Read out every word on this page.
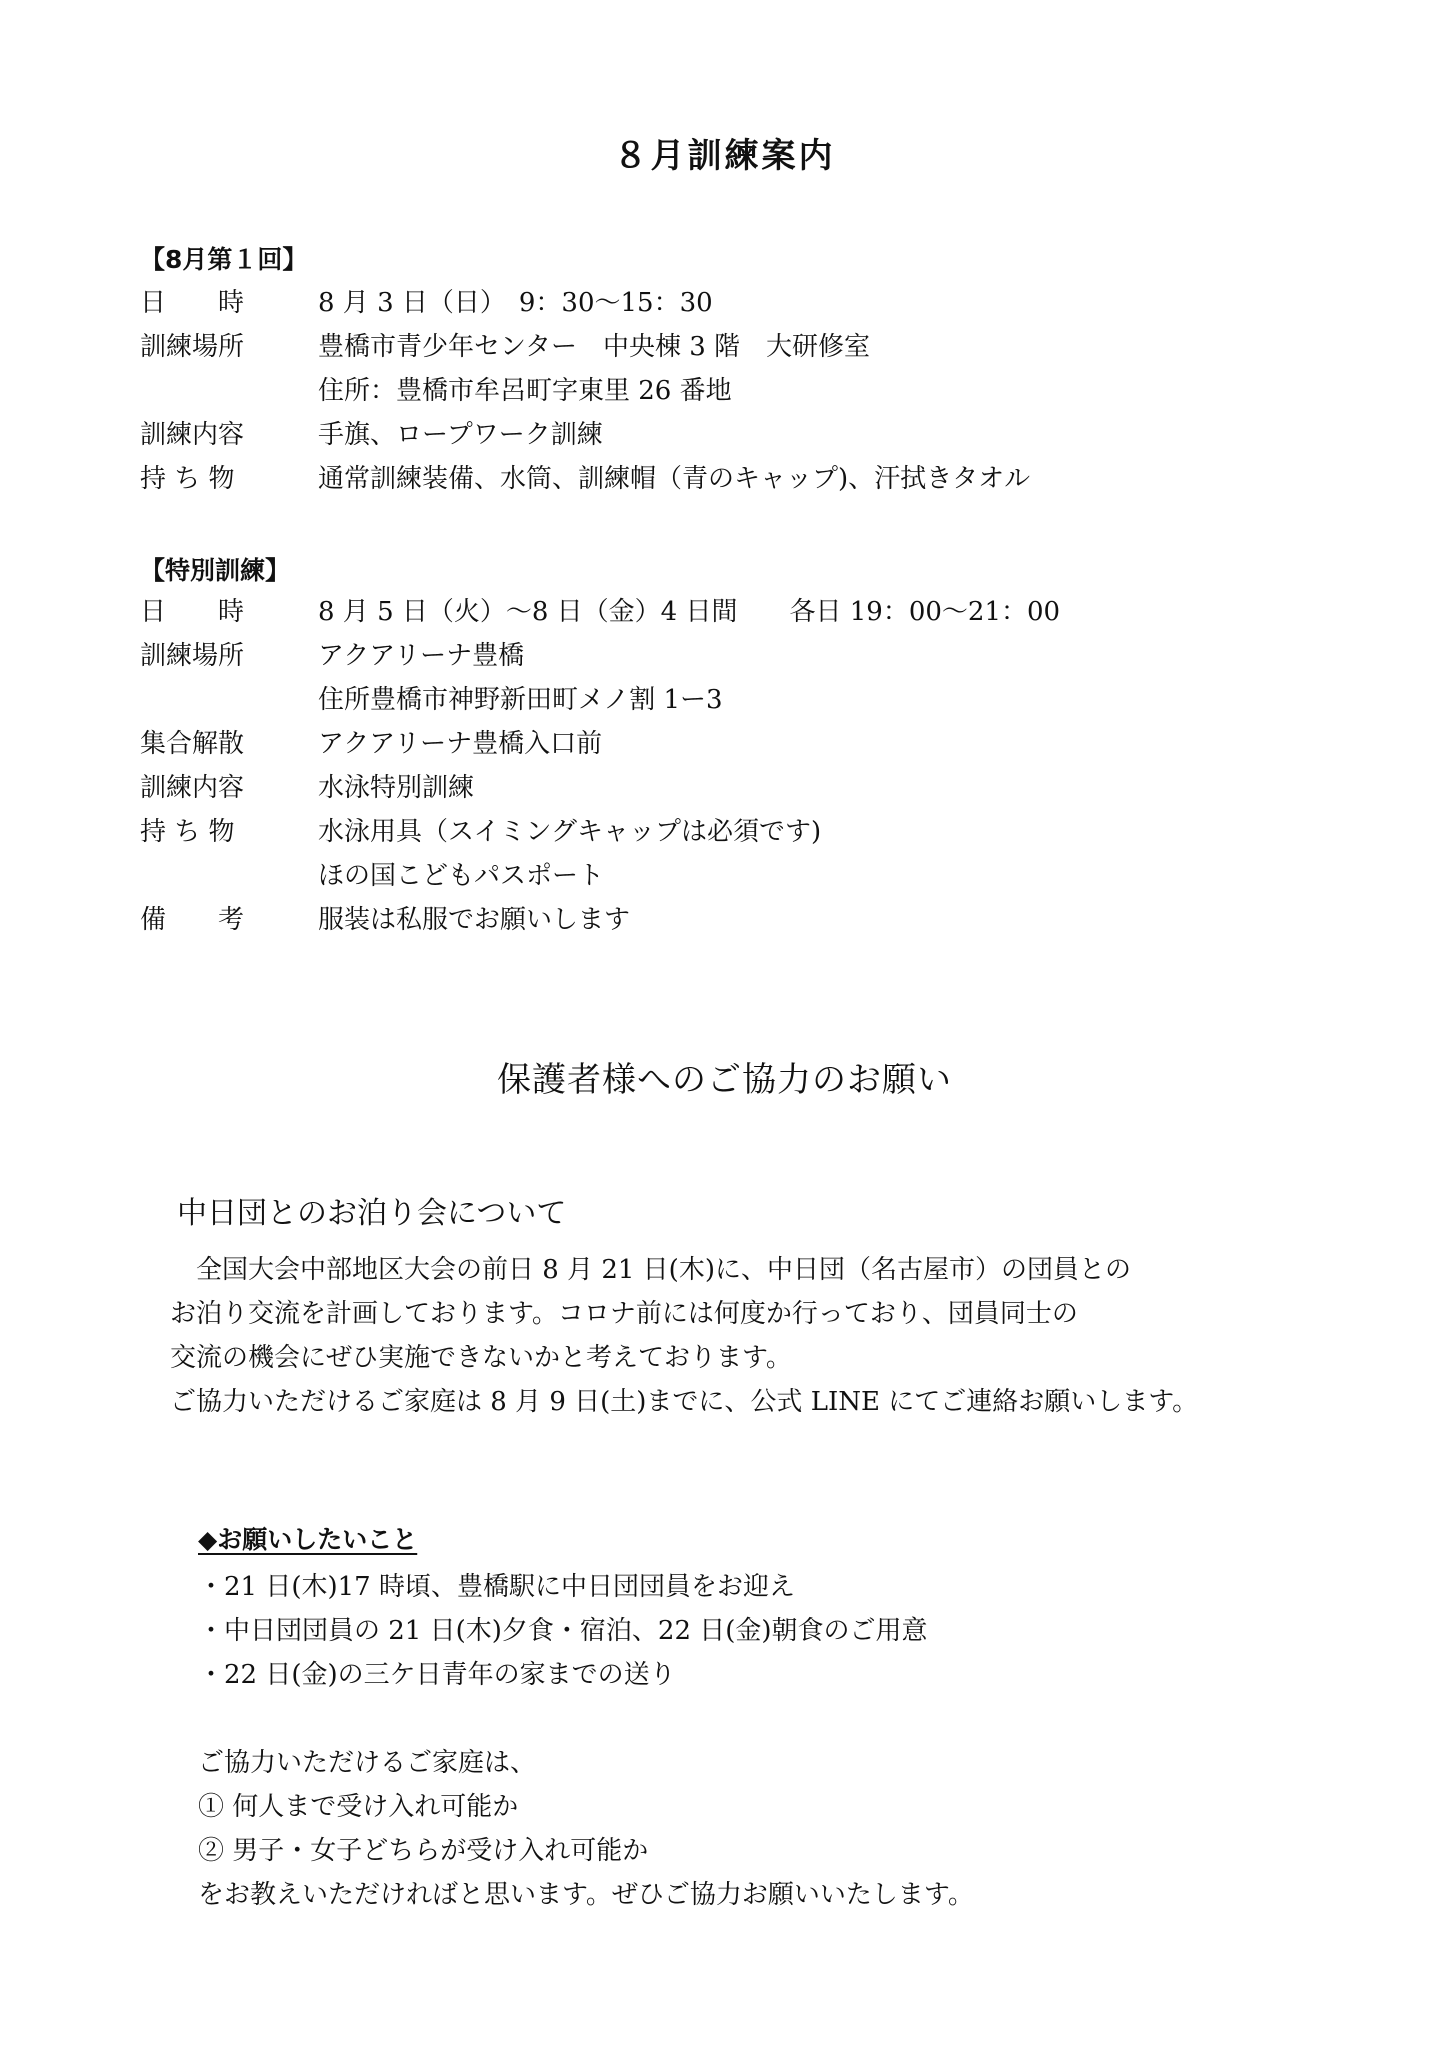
８月訓練案内
【8月第１回】
日　　時	8 月 3 日（日）　9：30〜15：30
訓練場所	豊橋市青少年センター　中央棟 3 階　大研修室
住所：豊橋市牟呂町字東里 26 番地
訓練内容	手旗、ロープワーク訓練
持 ち 物	通常訓練装備、水筒、訓練帽（青のキャップ)、汗拭きタオル
【特別訓練】
日　　時	8 月 5 日（火）〜8 日（金）4 日間　　各日 19：00〜21：00
訓練場所	アクアリーナ豊橋
住所豊橋市神野新田町メノ割 1ー3
集合解散	アクアリーナ豊橋入口前
訓練内容	水泳特別訓練
持 ち 物	水泳用具（スイミングキャップは必須です)
ほの国こどもパスポート
備　　考	服装は私服でお願いします
保護者様へのご協力のお願い
中日団とのお泊り会について
　全国大会中部地区大会の前日 8 月 21 日(木)に、中日団（名古屋市）の団員との
お泊り交流を計画しております。コロナ前には何度か行っており、団員同士の
交流の機会にぜひ実施できないかと考えております。
ご協力いただけるご家庭は 8 月 9 日(土)までに、公式 LINE にてご連絡お願いします。
◆お願いしたいこと
・21 日(木)17 時頃、豊橋駅に中日団団員をお迎え
・中日団団員の 21 日(木)夕食・宿泊、22 日(金)朝食のご用意
・22 日(金)の三ケ日青年の家までの送り
ご協力いただけるご家庭は、
① 何人まで受け入れ可能か
② 男子・女子どちらが受け入れ可能か
をお教えいただければと思います。ぜひご協力お願いいたします。
